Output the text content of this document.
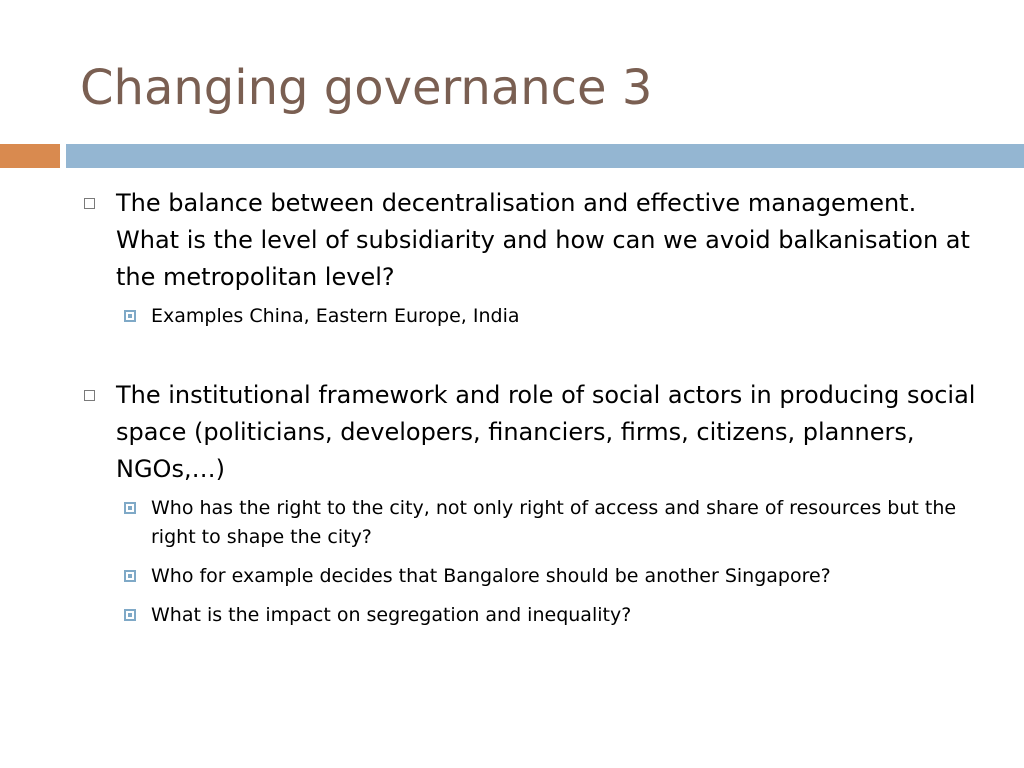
Changing governance 3
The balance between decentralisation and effective management. What is the level of subsidiarity and how can we avoid balkanisation at the metropolitan level?
Examples China, Eastern Europe, India
The institutional framework and role of social actors in producing social space (politicians, developers, financiers, firms, citizens, planners, NGOs,…)
Who has the right to the city, not only right of access and share of resources but the right to shape the city?
Who for example decides that Bangalore should be another Singapore?
What is the impact on segregation and inequality?
